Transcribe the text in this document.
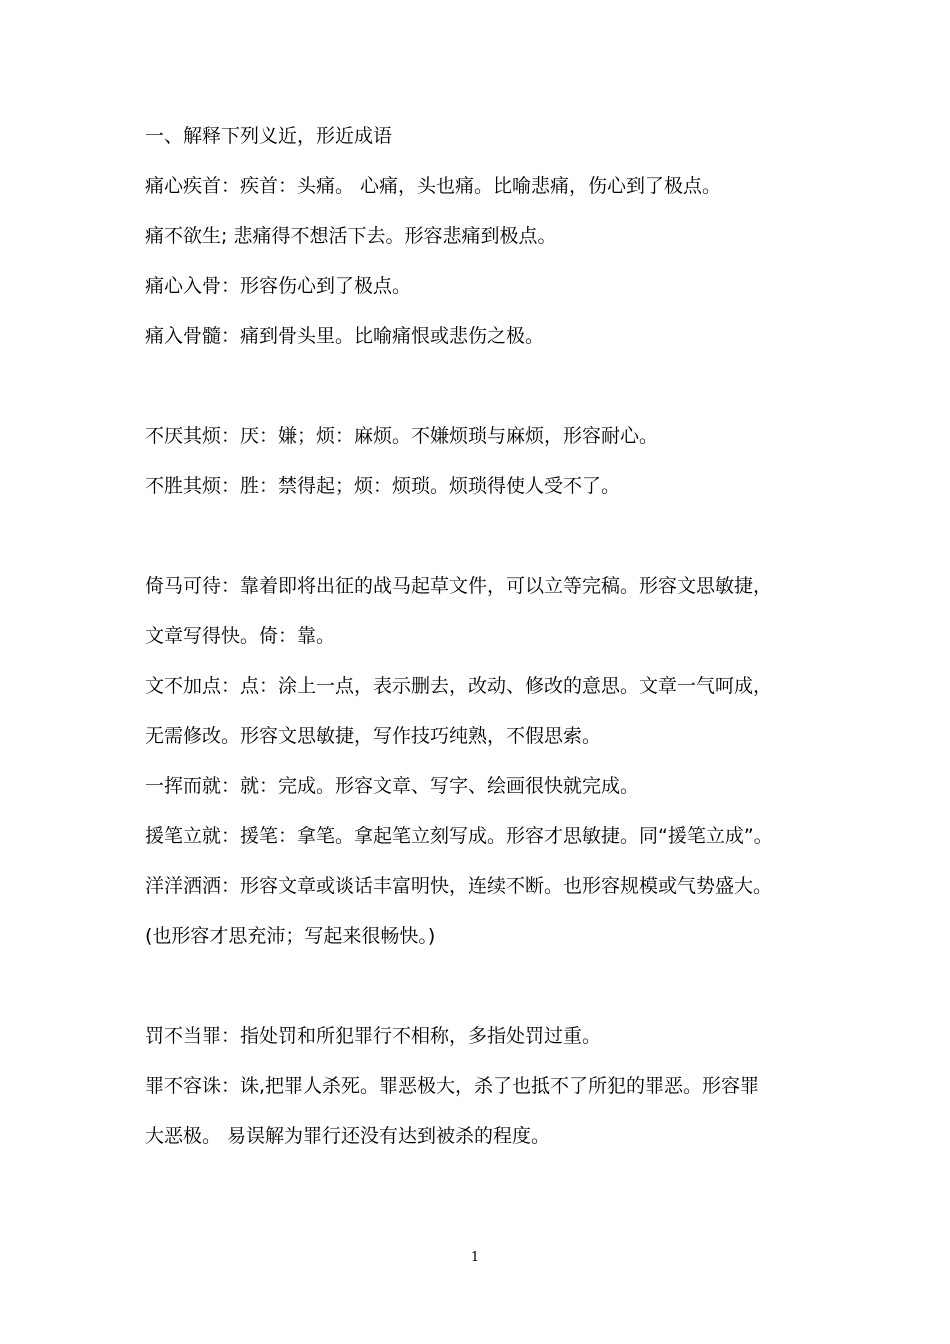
一、解释下列义近，形近成语
痛心疾首：疾首：头痛。 心痛，头也痛。比喻悲痛，伤心到了极点。
痛不欲生; 悲痛得不想活下去。形容悲痛到极点。
痛心入骨：形容伤心到了极点。
痛入骨髓：痛到骨头里。比喻痛恨或悲伤之极。
不厌其烦：厌：嫌；烦：麻烦。不嫌烦琐与麻烦，形容耐心。
不胜其烦：胜：禁得起；烦：烦琐。烦琐得使人受不了。
倚马可待：靠着即将出征的战马起草文件，可以立等完稿。形容文思敏捷，
文章写得快。倚：靠。
文不加点：点：涂上一点，表示删去，改动、修改的意思。文章一气呵成，
无需修改。形容文思敏捷，写作技巧纯熟，不假思索。
一挥而就：就：完成。形容文章、写字、绘画很快就完成。
援笔立就：援笔：拿笔。拿起笔立刻写成。形容才思敏捷。同“援笔立成”。
洋洋洒洒：形容文章或谈话丰富明快，连续不断。也形容规模或气势盛大。
(也形容才思充沛；写起来很畅快。)
罚不当罪：指处罚和所犯罪行不相称，多指处罚过重。
罪不容诛：诛,把罪人杀死。罪恶极大，杀了也抵不了所犯的罪恶。形容罪
大恶极。 易误解为罪行还没有达到被杀的程度。
1
